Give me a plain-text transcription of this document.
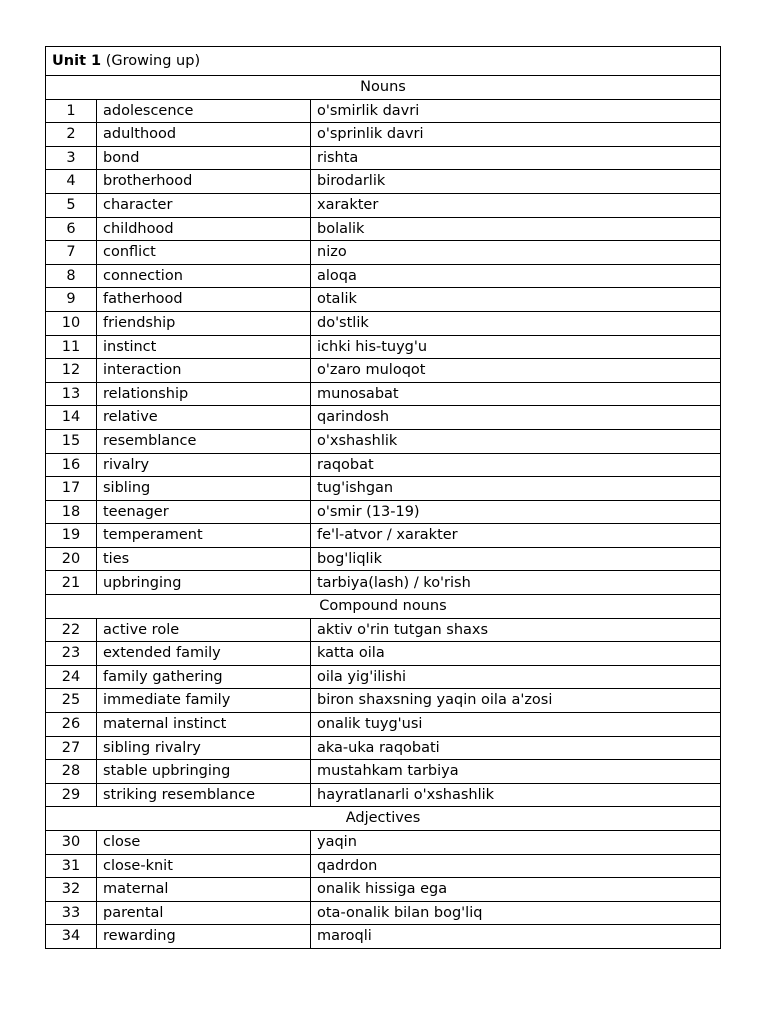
Unit 1 (Growing up)		
Nouns		
1	adolescence	o'smirlik davri
2	adulthood	o'sprinlik davri
3	bond	rishta
4	brotherhood	birodarlik
5	character	xarakter
6	childhood	bolalik
7	conflict	nizo
8	connection	aloqa
9	fatherhood	otalik
10	friendship	do'stlik
11	instinct	ichki his-tuyg'u
12	interaction	o'zaro muloqot
13	relationship	munosabat
14	relative	qarindosh
15	resemblance	o'xshashlik
16	rivalry	raqobat
17	sibling	tug'ishgan
18	teenager	o'smir (13-19)
19	temperament	fe'l-atvor / xarakter
20	ties	bog'liqlik
21	upbringing	tarbiya(lash) / ko'rish
Compound nouns		
22	active role	aktiv o'rin tutgan shaxs
23	extended family	katta oila
24	family gathering	oila yig'ilishi
25	immediate family	biron shaxsning yaqin oila a'zosi
26	maternal instinct	onalik tuyg'usi
27	sibling rivalry	aka-uka raqobati
28	stable upbringing	mustahkam tarbiya
29	striking resemblance	hayratlanarli o'xshashlik
Adjectives		
30	close	yaqin
31	close-knit	qadrdon
32	maternal	onalik hissiga ega
33	parental	ota-onalik bilan bog'liq
34	rewarding	maroqli
